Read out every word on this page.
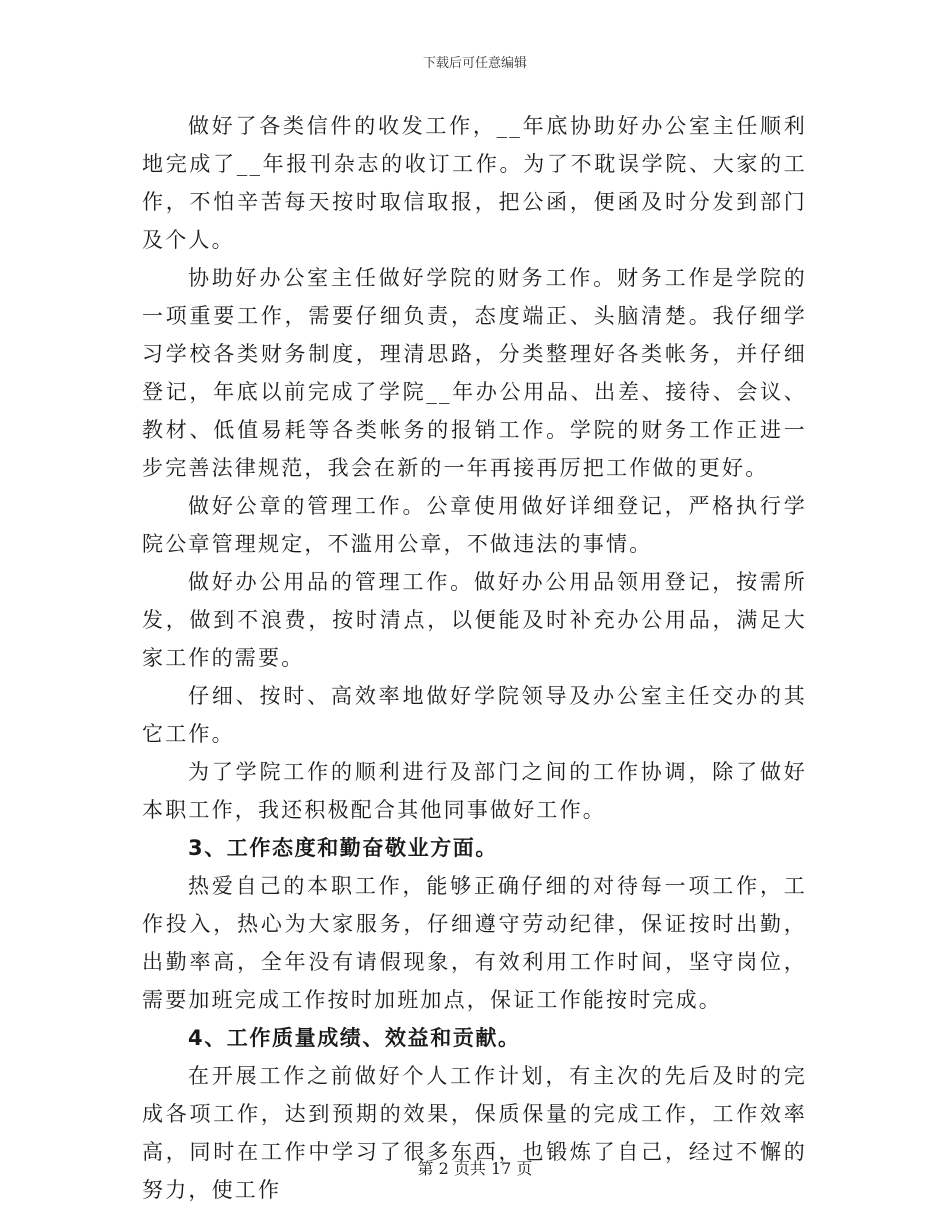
下载后可任意编辑

做好了各类信件的收发工作，__年底协助好办公室主任顺利地完成了__年报刊杂志的收订工作。为了不耽误学院、大家的工作，不怕辛苦每天按时取信取报，把公函，便函及时分发到部门及个人。

协助好办公室主任做好学院的财务工作。财务工作是学院的一项重要工作，需要仔细负责，态度端正、头脑清楚。我仔细学习学校各类财务制度，理清思路，分类整理好各类帐务，并仔细登记，年底以前完成了学院__年办公用品、出差、接待、会议、教材、低值易耗等各类帐务的报销工作。学院的财务工作正进一步完善法律规范，我会在新的一年再接再厉把工作做的更好。

做好公章的管理工作。公章使用做好详细登记，严格执行学院公章管理规定，不滥用公章，不做违法的事情。

做好办公用品的管理工作。做好办公用品领用登记，按需所发，做到不浪费，按时清点，以便能及时补充办公用品，满足大家工作的需要。

仔细、按时、高效率地做好学院领导及办公室主任交办的其它工作。

为了学院工作的顺利进行及部门之间的工作协调，除了做好本职工作，我还积极配合其他同事做好工作。

3、工作态度和勤奋敬业方面。

热爱自己的本职工作，能够正确仔细的对待每一项工作，工作投入，热心为大家服务，仔细遵守劳动纪律，保证按时出勤，出勤率高，全年没有请假现象，有效利用工作时间，坚守岗位，需要加班完成工作按时加班加点，保证工作能按时完成。

4、工作质量成绩、效益和贡献。

在开展工作之前做好个人工作计划，有主次的先后及时的完成各项工作，达到预期的效果，保质保量的完成工作，工作效率高，同时在工作中学习了很多东西，也锻炼了自己，经过不懈的努力，使工作

第 2 页共 17 页
